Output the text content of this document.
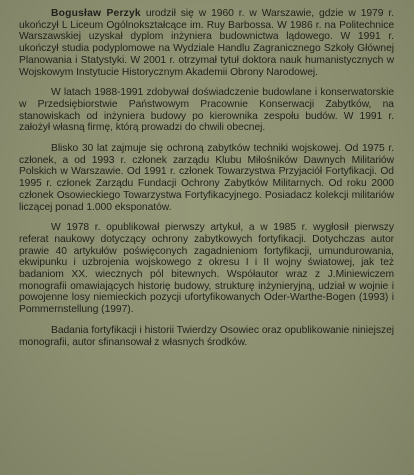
Bogusław Perzyk urodził się w 1960 r. w Warszawie, gdzie w 1979 r. ukończył L Liceum Ogólnokształcące im. Ruy Barbossa. W 1986 r. na Politechnice Warszawskiej uzyskał dyplom inżyniera budownictwa lądowego. W 1991 r. ukończył studia podyplomowe na Wydziale Handlu Zagranicznego Szkoły Głównej Planowania i Statystyki. W 2001 r. otrzymał tytuł doktora nauk humanistycznych w Wojskowym Instytucie Historycznym Akademii Obrony Narodowej.

W latach 1988-1991 zdobywał doświadczenie budowlane i konserwatorskie w Przedsiębiorstwie Państwowym Pracownie Konserwacji Zabytków, na stanowiskach od inżyniera budowy po kierownika zespołu budów. W 1991 r. założył własną firmę, którą prowadzi do chwili obecnej.

Blisko 30 lat zajmuje się ochroną zabytków techniki wojskowej. Od 1975 r. członek, a od 1993 r. członek zarządu Klubu Miłośników Dawnych Militariów Polskich w Warszawie. Od 1991 r. członek Towarzystwa Przyjaciół Fortyfikacji. Od 1995 r. członek Zarządu Fundacji Ochrony Zabytków Militarnych. Od roku 2000 członek Osowieckiego Towarzystwa Fortyfikacyjnego. Posiadacz kolekcji militariów liczącej ponad 1.000 eksponatów.

W 1978 r. opublikował pierwszy artykuł, a w 1985 r. wygłosił pierwszy referat naukowy dotyczący ochrony zabytkowych fortyfikacji. Dotychczas autor prawie 40 artykułów poświęconych zagadnieniom fortyfikacji, umundurowania, ekwipunku i uzbrojenia wojskowego z okresu I i II wojny światowej, jak też badaniom XX. wiecznych pól bitewnych. Współautor wraz z J.Miniewiczem monografii omawiających historię budowy, strukturę inżynieryjną, udział w wojnie i powojenne losy niemieckich pozycji ufortyfikowanych Oder-Warthe-Bogen (1993) i Pommernstellung (1997).

Badania fortyfikacji i historii Twierdzy Osowiec oraz opublikowanie niniejszej monografii, autor sfinansował z własnych środków.
